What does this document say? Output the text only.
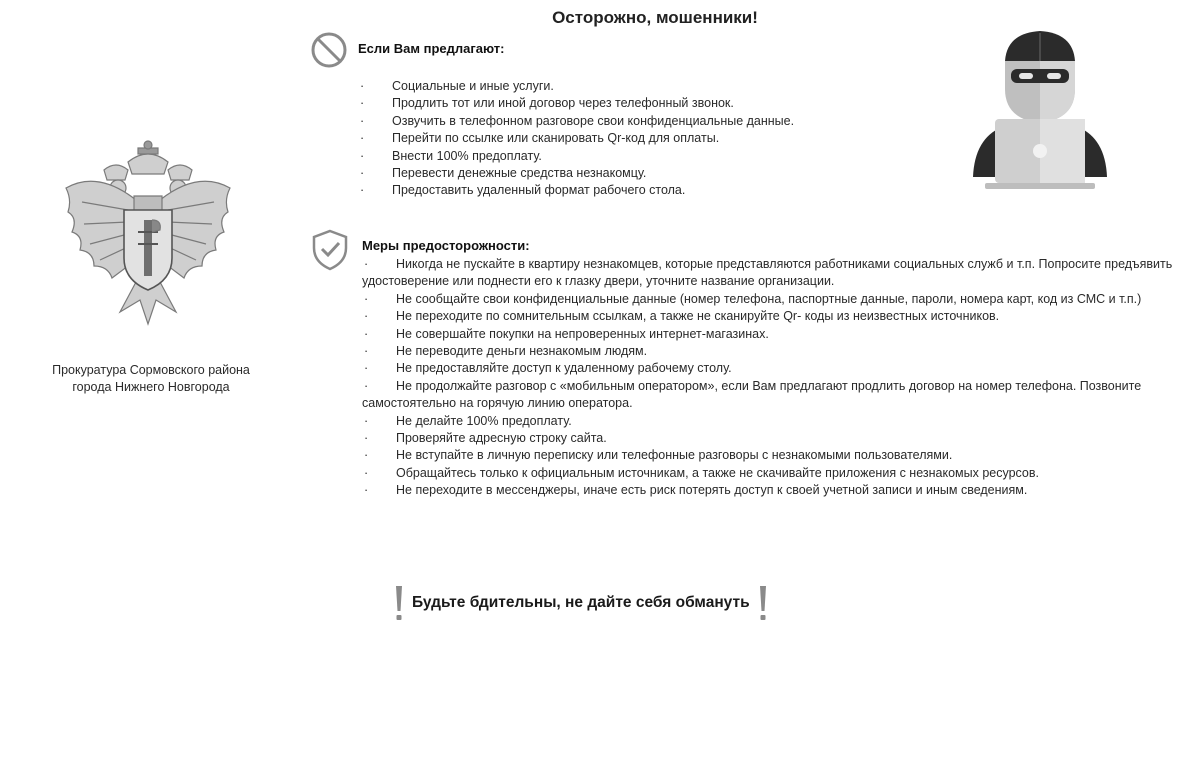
Осторожно, мошенники!
Прокуратура Сормовского района
города Нижнего Новгорода
Если Вам предлагают:
· Социальные и иные услуги.
· Продлить тот или иной договор через телефонный звонок.
· Озвучить в телефонном разговоре свои конфиденциальные данные.
· Перейти по ссылке или сканировать Qr-код для оплаты.
· Внести 100% предоплату.
· Перевести денежные средства незнакомцу.
· Предоставить удаленный формат рабочего стола.
Меры предосторожности:
· Никогда не пускайте в квартиру незнакомцев, которые представляются работниками социальных служб и т.п. Попросите предъявить удостоверение или поднести его к глазку двери, уточните название организации.
· Не сообщайте свои конфиденциальные данные (номер телефона, паспортные данные, пароли, номера карт, код из СМС и т.п.)
· Не переходите по сомнительным ссылкам, а также не сканируйте Qr- коды из неизвестных источников.
· Не совершайте покупки на непроверенных интернет-магазинах.
· Не переводите деньги незнакомым людям.
· Не предоставляйте доступ к удаленному рабочему столу.
· Не продолжайте разговор с «мобильным оператором», если Вам предлагают продлить договор на номер телефона. Позвоните самостоятельно на горячую линию оператора.
· Не делайте 100% предоплату.
· Проверяйте адресную строку сайта.
· Не вступайте в личную переписку или телефонные разговоры с незнакомыми пользователями.
· Обращайтесь только к официальным источникам, а также не скачивайте приложения с незнакомых ресурсов.
· Не переходите в мессенджеры, иначе есть риск потерять доступ к своей учетной записи и иным сведениям.
Будьте бдительны, не дайте себя обмануть
